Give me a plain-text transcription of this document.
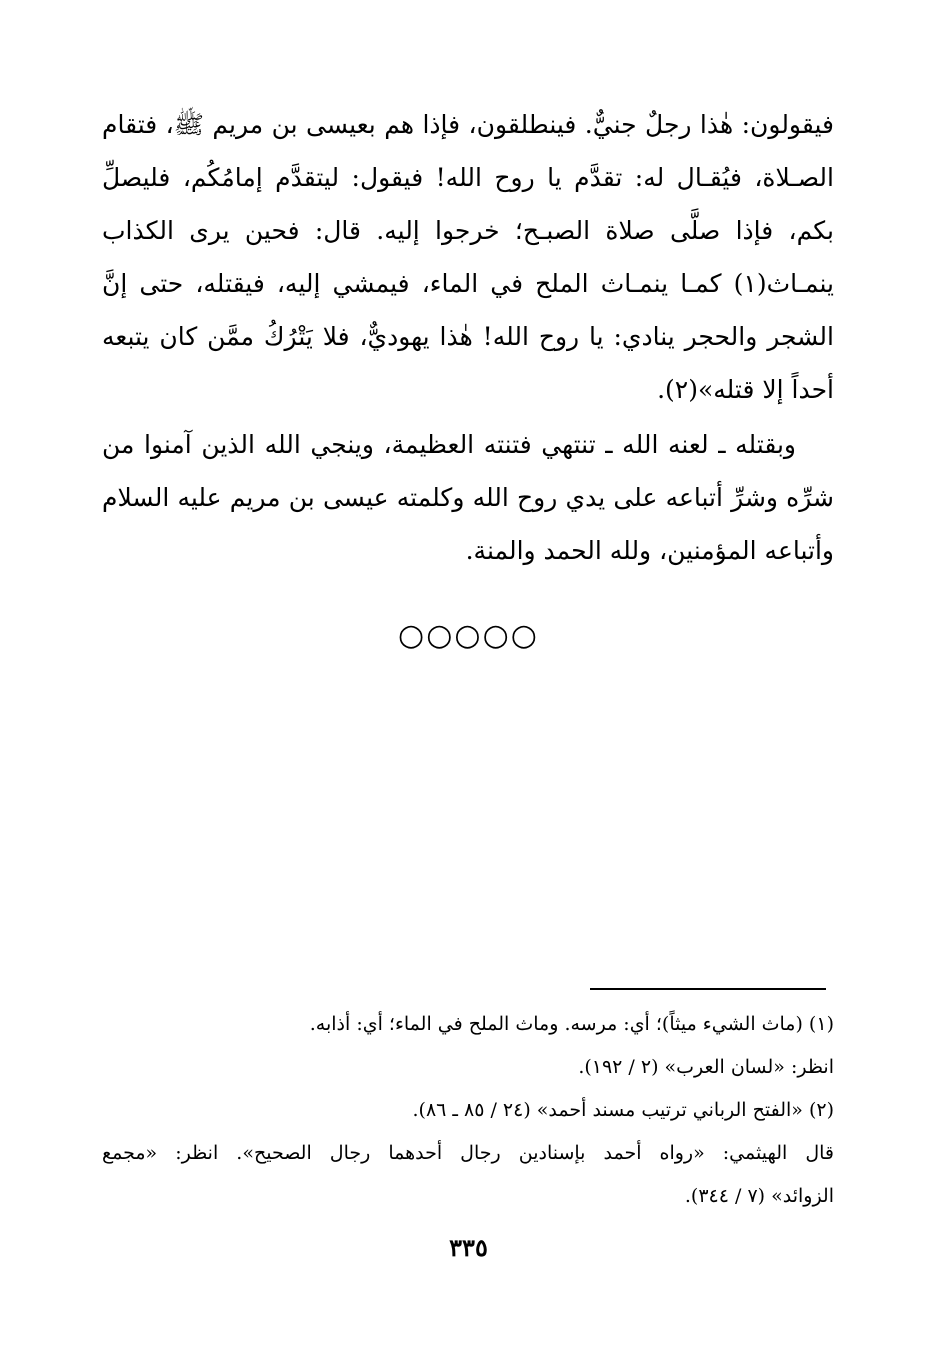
فيقولون: هٰذا رجلٌ جنيٌّ. فينطلقون، فإذا هم بعيسى بن مريم ﷺ، فتقام
الصـلاة، فيُقـال له: تقدَّم يا روح الله! فيقول: ليتقدَّم إمامُكُم، فليصلِّ
بكم، فإذا صلَّى صلاة الصبـح؛ خرجوا إليه. قال: فحين يرى الكذاب
ينمـاث(١) كمـا ينمـاث الملح في الماء، فيمشي إليه، فيقتله، حتى إنَّ
الشجر والحجر ينادي: يا روح الله! هٰذا يهوديٌّ، فلا يَتْرُكُ ممَّن كان يتبعه
أحداً إلا قتله»(٢).
وبقتله ـ لعنه الله ـ تنتهي فتنته العظيمة، وينجي الله الذين آمنوا من
شرِّه وشرِّ أتباعه على يدي روح الله وكلمته عيسى بن مريم عليه السلام
وأتباعه المؤمنين، ولله الحمد والمنة.
○○○○○
(١) (ماث الشيء ميثاً)؛ أي: مرسه. وماث الملح في الماء؛ أي: أذابه.
انظر: «لسان العرب» (٢ / ١٩٢).
(٢) «الفتح الرباني ترتيب مسند أحمد» (٢٤ / ٨٥ ـ ٨٦).
قال الهيثمي: «رواه أحمد بإسنادين رجال أحدهما رجال الصحيح». انظر: «مجمع
الزوائد» (٧ / ٣٤٤).
٣٣٥
